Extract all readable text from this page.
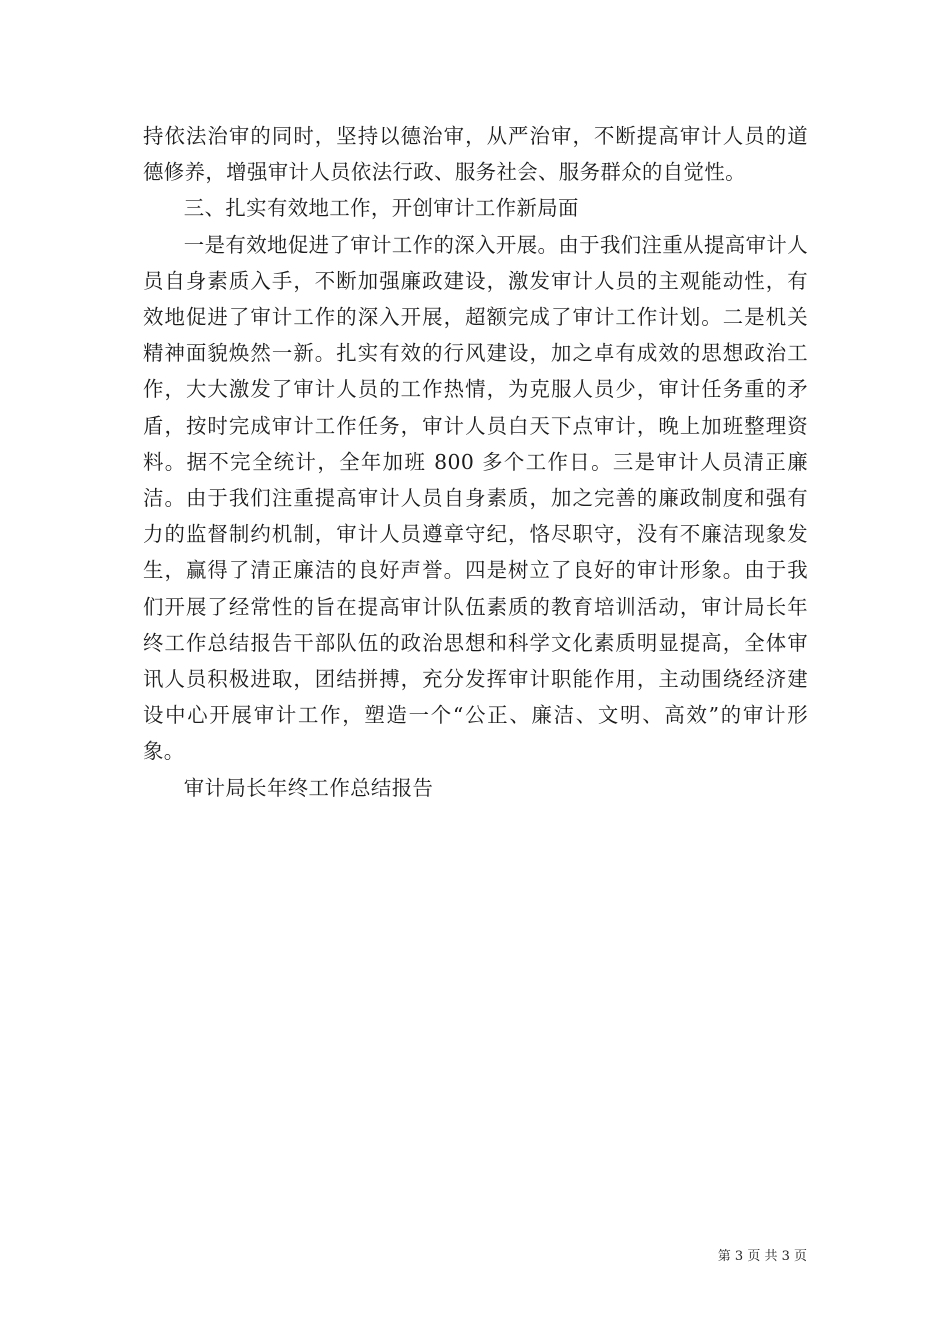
持依法治审的同时，坚持以德治审，从严治审，不断提高审计人员的道德修养，增强审计人员依法行政、服务社会、服务群众的自觉性。

三、扎实有效地工作，开创审计工作新局面

一是有效地促进了审计工作的深入开展。由于我们注重从提高审计人员自身素质入手，不断加强廉政建设，激发审计人员的主观能动性，有效地促进了审计工作的深入开展，超额完成了审计工作计划。二是机关精神面貌焕然一新。扎实有效的行风建设，加之卓有成效的思想政治工作，大大激发了审计人员的工作热情，为克服人员少，审计任务重的矛盾，按时完成审计工作任务，审计人员白天下点审计，晚上加班整理资料。据不完全统计，全年加班 800 多个工作日。三是审计人员清正廉洁。由于我们注重提高审计人员自身素质，加之完善的廉政制度和强有力的监督制约机制，审计人员遵章守纪，恪尽职守，没有不廉洁现象发生，赢得了清正廉洁的良好声誉。四是树立了良好的审计形象。由于我们开展了经常性的旨在提高审计队伍素质的教育培训活动，审计局长年终工作总结报告干部队伍的政治思想和科学文化素质明显提高，全体审讯人员积极进取，团结拼搏，充分发挥审计职能作用，主动围绕经济建设中心开展审计工作，塑造一个“公正、廉洁、文明、高效”的审计形象。

审计局长年终工作总结报告

第 3 页 共 3 页
